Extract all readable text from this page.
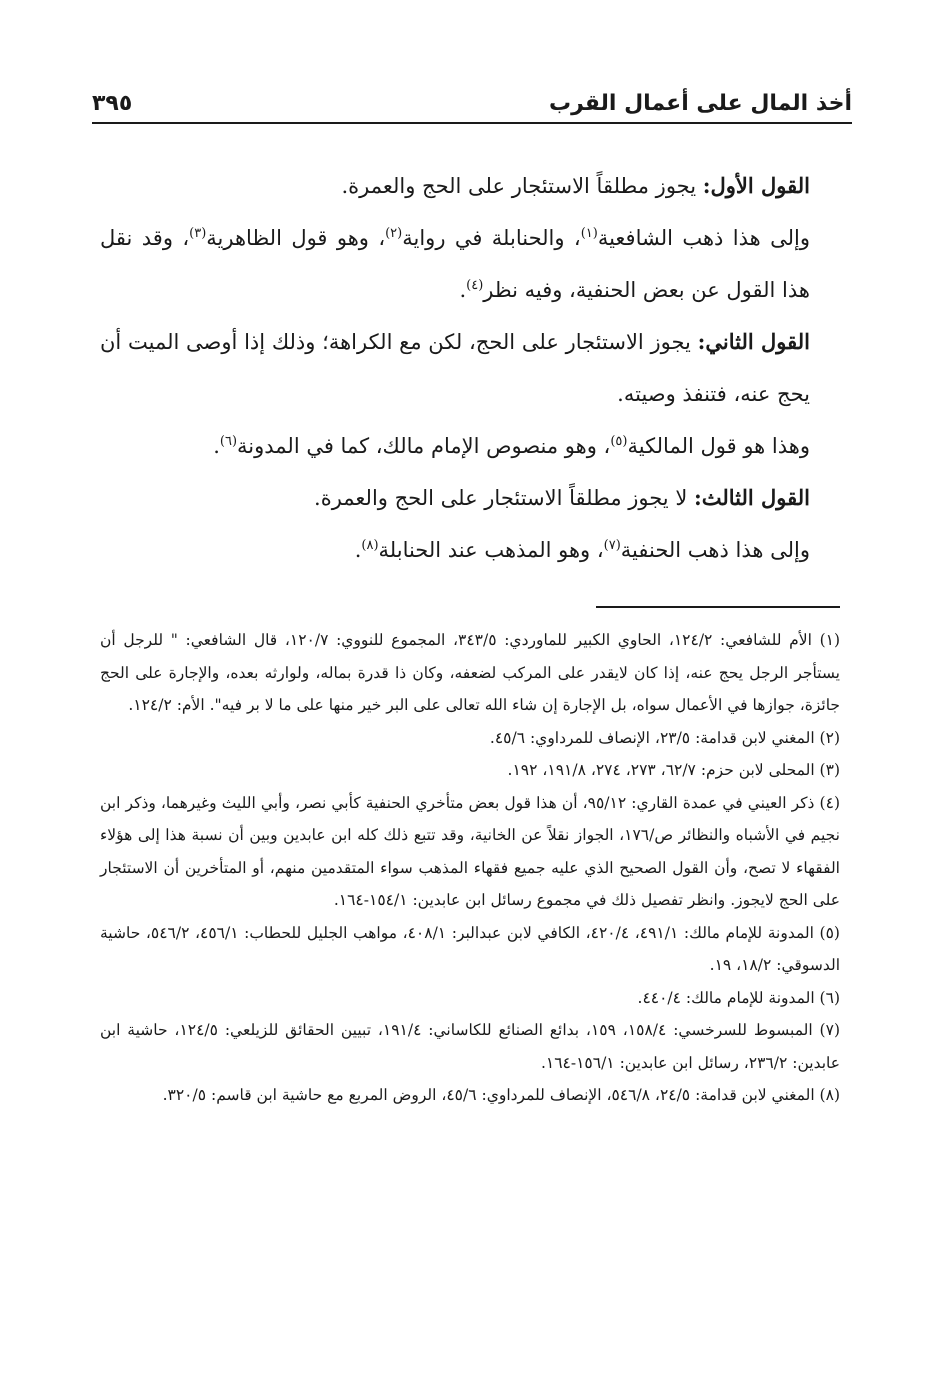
أخذ المال على أعمال القرب
٣٩٥

القول الأول: يجوز مطلقاً الاستئجار على الحج والعمرة.

وإلى هذا ذهب الشافعية$^{(١)}$، والحنابلة في رواية$^{(٢)}$، وهو قول الظاهرية$^{(٣)}$، وقد نقل هذا القول عن بعض الحنفية، وفيه نظر$^{(٤)}$.

القول الثاني: يجوز الاستئجار على الحج، لكن مع الكراهة؛ وذلك إذا أوصى الميت أن يحج عنه، فتنفذ وصيته.

وهذا هو قول المالكية$^{(٥)}$، وهو منصوص الإمام مالك، كما في المدونة$^{(٦)}$.

القول الثالث: لا يجوز مطلقاً الاستئجار على الحج والعمرة.

وإلى هذا ذهب الحنفية$^{(٧)}$، وهو المذهب عند الحنابلة$^{(٨)}$.

(١) الأم للشافعي: ١٢٤/٢، الحاوي الكبير للماوردي: ٣٤٣/٥، المجموع للنووي: ١٢٠/٧، قال الشافعي: " للرجل أن يستأجر الرجل يحج عنه، إذا كان لايقدر على المركب لضعفه، وكان ذا قدرة بماله، ولوارثه بعده، والإجارة على الحج جائزة، جوازها في الأعمال سواه، بل الإجارة إن شاء الله تعالى على البر خير منها على ما لا بر فيه". الأم: ١٢٤/٢.

(٢) المغني لابن قدامة: ٢٣/٥، الإنصاف للمرداوي: ٤٥/٦.

(٣) المحلى لابن حزم: ٦٢/٧، ٢٧٣، ٢٧٤، ١٩١/٨، ١٩٢.

(٤) ذكر العيني في عمدة القاري: ٩٥/١٢، أن هذا قول بعض متأخري الحنفية كأبي نصر، وأبي الليث وغيرهما، وذكر ابن نجيم في الأشباه والنظائر ص/١٧٦، الجواز نقلاً عن الخانية، وقد تتبع ذلك كله ابن عابدين وبين أن نسبة هذا إلى هؤلاء الفقهاء لا تصح، وأن القول الصحيح الذي عليه جميع فقهاء المذهب سواء المتقدمين منهم، أو المتأخرين أن الاستئجار على الحج لايجوز. وانظر تفصيل ذلك في مجموع رسائل ابن عابدين: ١٥٤/١-١٦٤.

(٥) المدونة للإمام مالك: ٤٩١/١، ٤٢٠/٤، الكافي لابن عبدالبر: ٤٠٨/١، مواهب الجليل للحطاب: ٤٥٦/١، ٥٤٦/٢، حاشية الدسوقي: ١٨/٢، ١٩.

(٦) المدونة للإمام مالك: ٤٤٠/٤.

(٧) المبسوط للسرخسي: ١٥٨/٤، ١٥٩، بدائع الصنائع للكاساني: ١٩١/٤، تبيين الحقائق للزيلعي: ١٢٤/٥، حاشية ابن عابدين: ٢٣٦/٢، رسائل ابن عابدين: ١٥٦/١-١٦٤.

(٨) المغني لابن قدامة: ٢٤/٥، ٥٤٦/٨، الإنصاف للمرداوي: ٤٥/٦، الروض المربع مع حاشية ابن قاسم: ٣٢٠/٥.
